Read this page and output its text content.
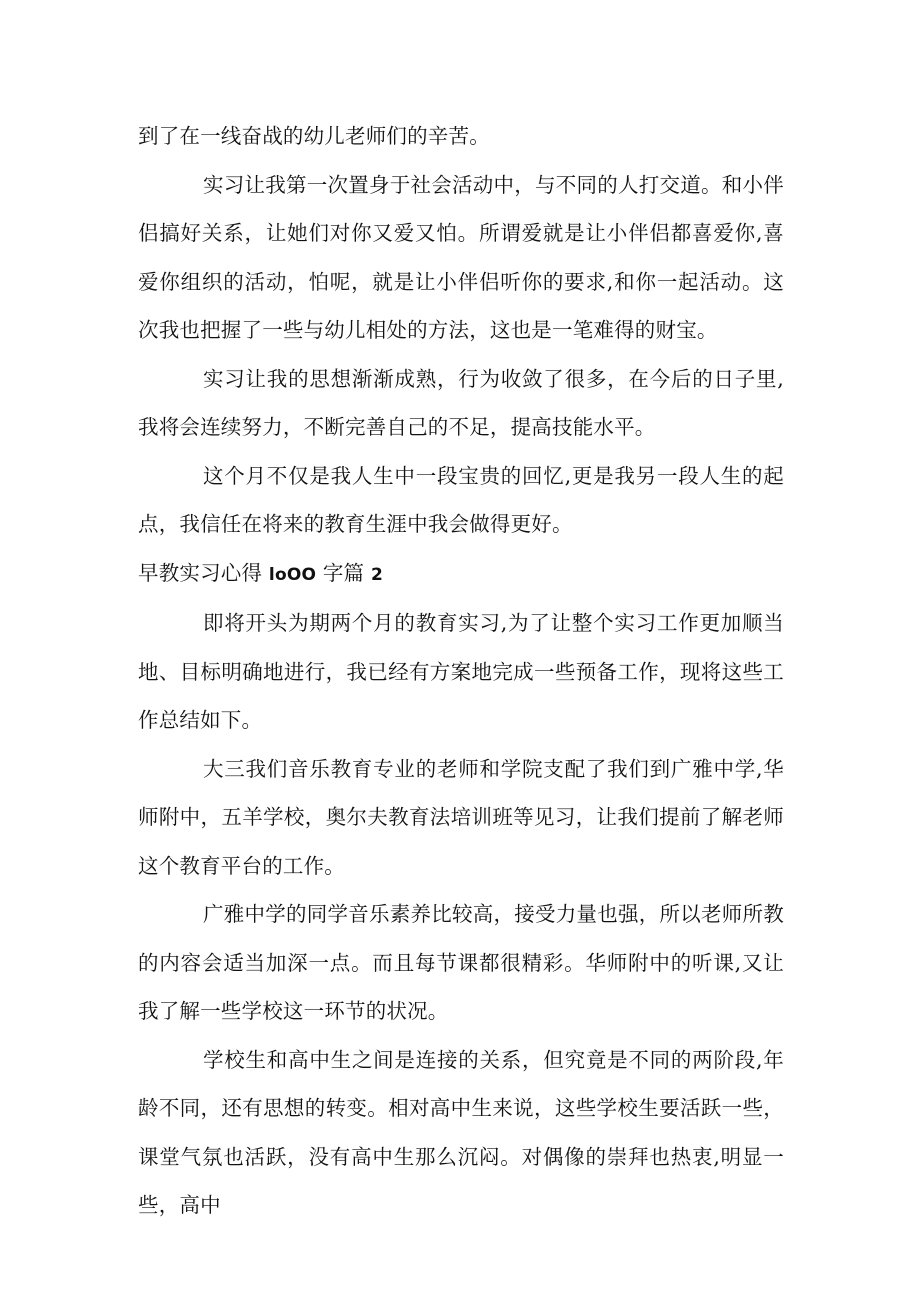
到了在一线奋战的幼儿老师们的辛苦。

实习让我第一次置身于社会活动中，与不同的人打交道。和小伴侣搞好关系，让她们对你又爱又怕。所谓爱就是让小伴侣都喜爱你,喜爱你组织的活动，怕呢，就是让小伴侣听你的要求,和你一起活动。这次我也把握了一些与幼儿相处的方法，这也是一笔难得的财宝。

实习让我的思想渐渐成熟，行为收敛了很多，在今后的日子里,我将会连续努力，不断完善自己的不足，提高技能水平。

这个月不仅是我人生中一段宝贵的回忆,更是我另一段人生的起点，我信任在将来的教育生涯中我会做得更好。

早教实习心得 loOO 字篇 2

即将开头为期两个月的教育实习,为了让整个实习工作更加顺当地、目标明确地进行，我已经有方案地完成一些预备工作，现将这些工作总结如下。

大三我们音乐教育专业的老师和学院支配了我们到广雅中学,华师附中，五羊学校，奥尔夫教育法培训班等见习，让我们提前了解老师这个教育平台的工作。

广雅中学的同学音乐素养比较高，接受力量也强，所以老师所教的内容会适当加深一点。而且每节课都很精彩。华师附中的听课,又让我了解一些学校这一环节的状况。

学校生和高中生之间是连接的关系，但究竟是不同的两阶段,年龄不同，还有思想的转变。相对高中生来说，这些学校生要活跃一些，课堂气氛也活跃，没有高中生那么沉闷。对偶像的崇拜也热衷,明显一些，高中
